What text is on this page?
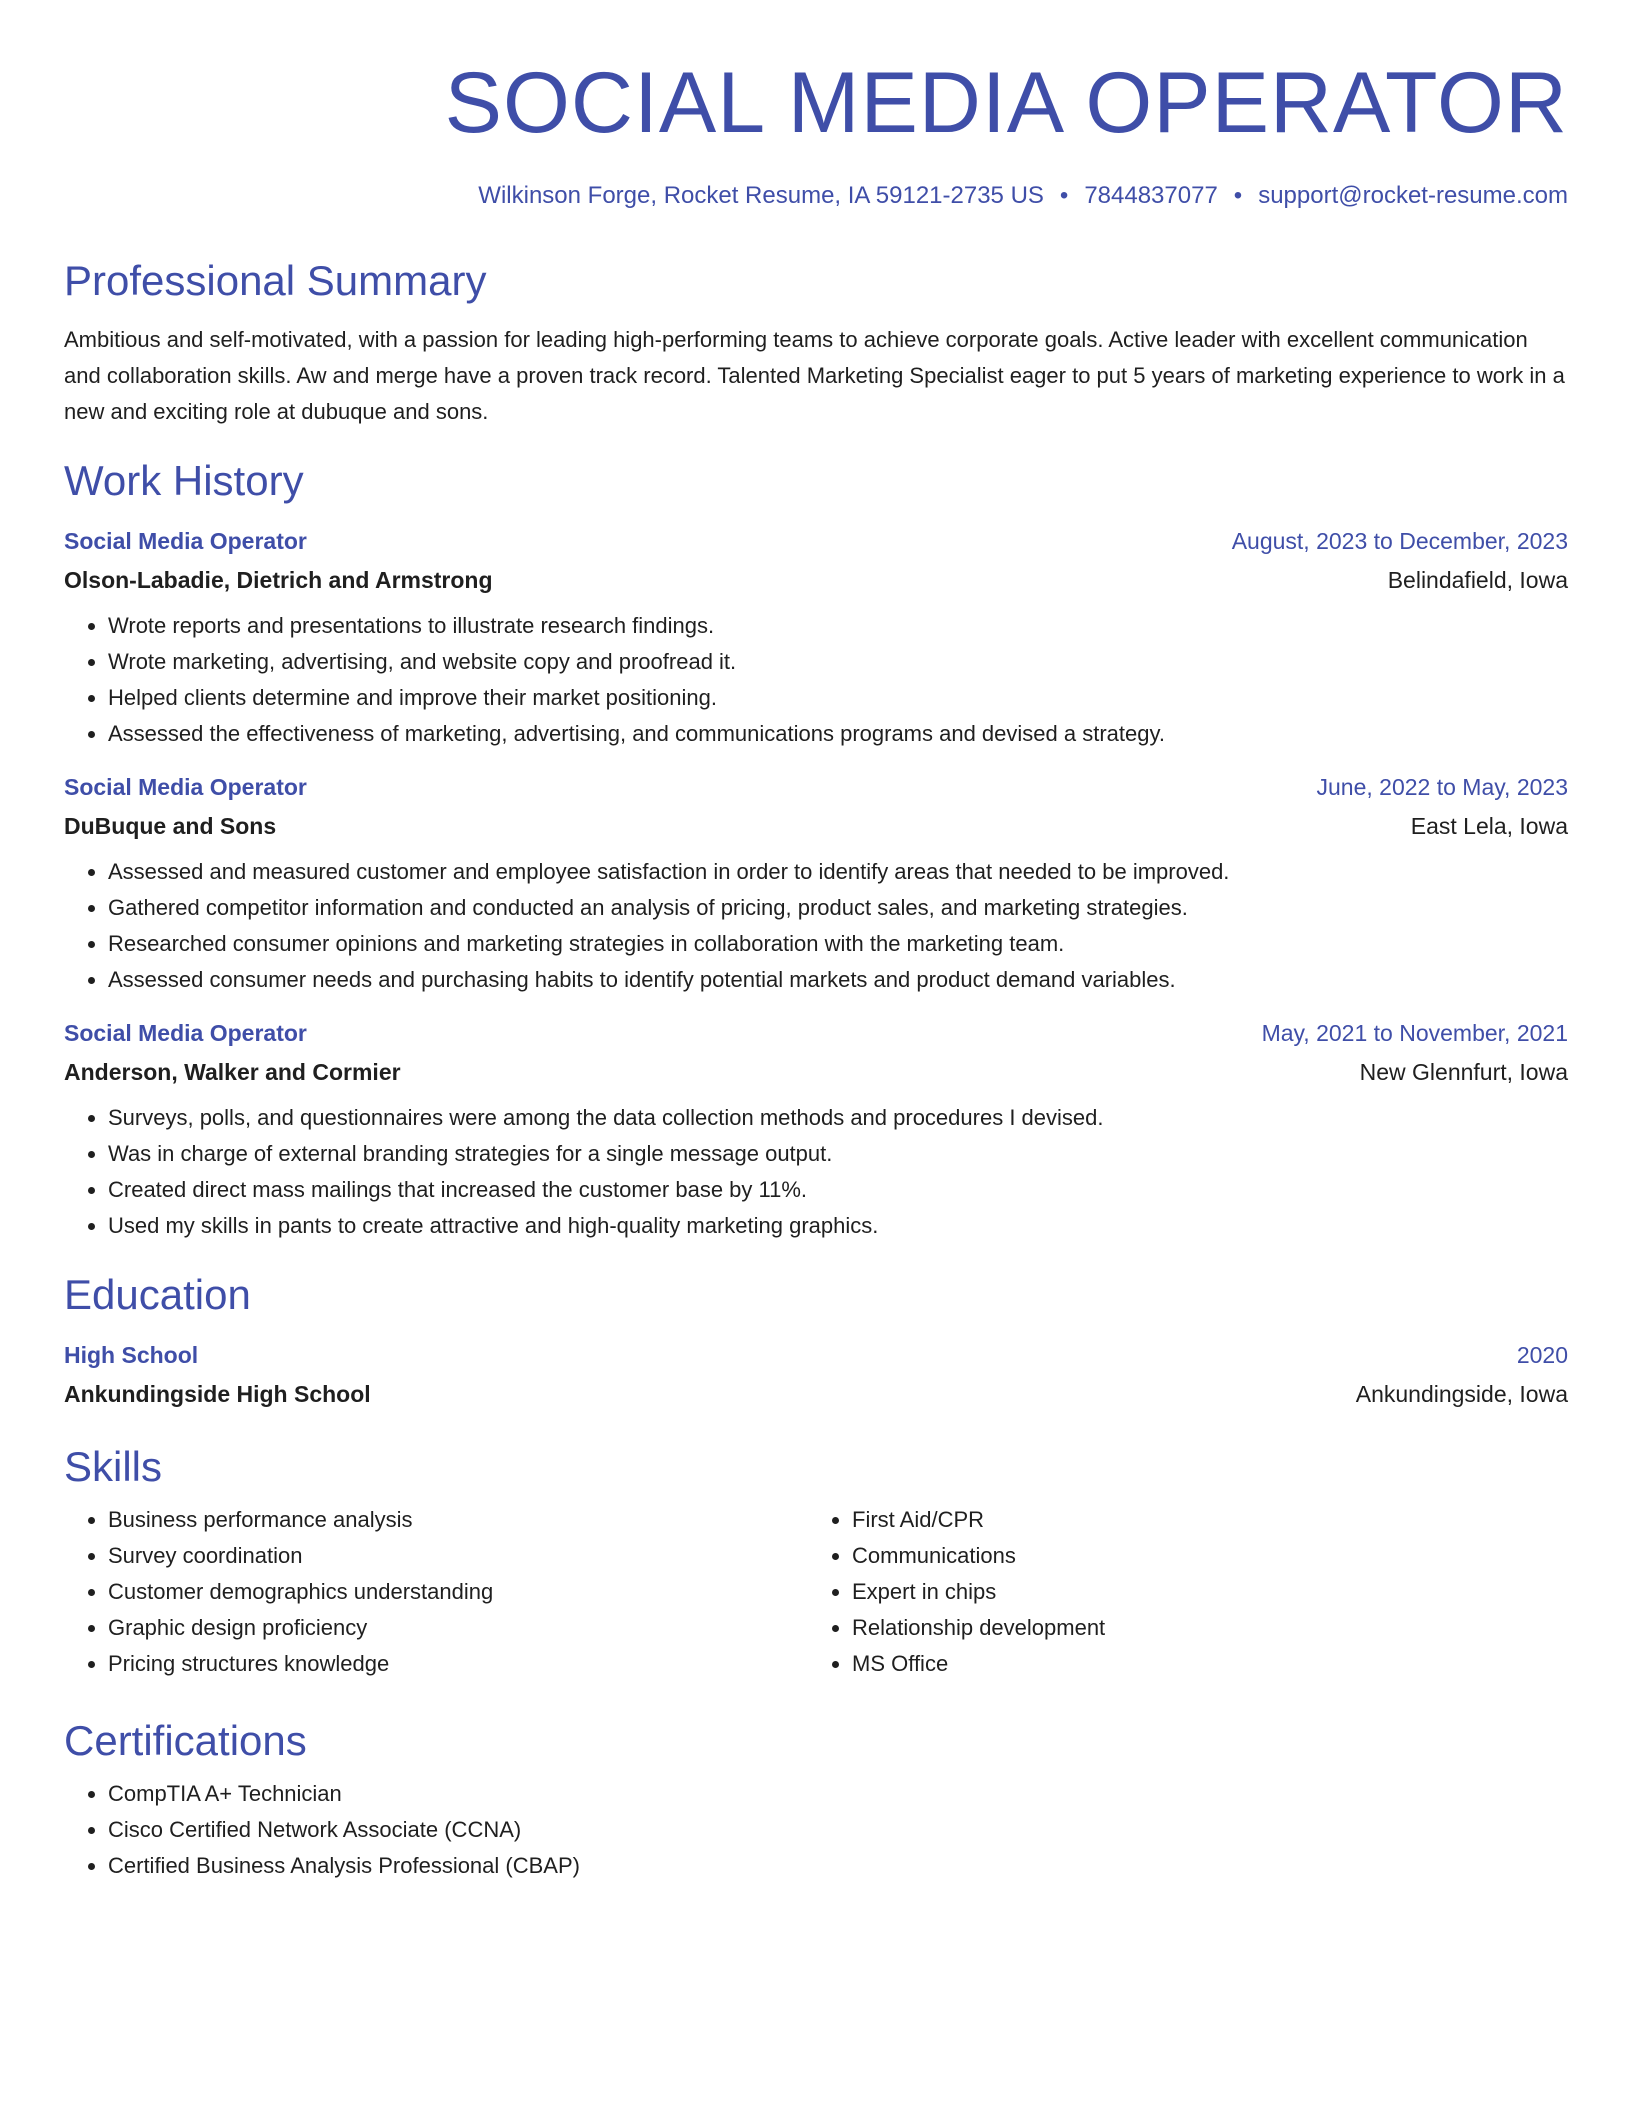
SOCIAL MEDIA OPERATOR
Wilkinson Forge, Rocket Resume, IA 59121-2735 US • 7844837077 • support@rocket-resume.com
Professional Summary
Ambitious and self-motivated, with a passion for leading high-performing teams to achieve corporate goals. Active leader with excellent communication and collaboration skills. Aw and merge have a proven track record. Talented Marketing Specialist eager to put 5 years of marketing experience to work in a new and exciting role at dubuque and sons.
Work History
Social Media Operator	August, 2023 to December, 2023
Olson-Labadie, Dietrich and Armstrong	Belindafield, Iowa
• Wrote reports and presentations to illustrate research findings.
• Wrote marketing, advertising, and website copy and proofread it.
• Helped clients determine and improve their market positioning.
• Assessed the effectiveness of marketing, advertising, and communications programs and devised a strategy.
Social Media Operator	June, 2022 to May, 2023
DuBuque and Sons	East Lela, Iowa
• Assessed and measured customer and employee satisfaction in order to identify areas that needed to be improved.
• Gathered competitor information and conducted an analysis of pricing, product sales, and marketing strategies.
• Researched consumer opinions and marketing strategies in collaboration with the marketing team.
• Assessed consumer needs and purchasing habits to identify potential markets and product demand variables.
Social Media Operator	May, 2021 to November, 2021
Anderson, Walker and Cormier	New Glennfurt, Iowa
• Surveys, polls, and questionnaires were among the data collection methods and procedures I devised.
• Was in charge of external branding strategies for a single message output.
• Created direct mass mailings that increased the customer base by 11%.
• Used my skills in pants to create attractive and high-quality marketing graphics.
Education
High School	2020
Ankundingside High School	Ankundingside, Iowa
Skills
• Business performance analysis
• Survey coordination
• Customer demographics understanding
• Graphic design proficiency
• Pricing structures knowledge
• First Aid/CPR
• Communications
• Expert in chips
• Relationship development
• MS Office
Certifications
• CompTIA A+ Technician
• Cisco Certified Network Associate (CCNA)
• Certified Business Analysis Professional (CBAP)
